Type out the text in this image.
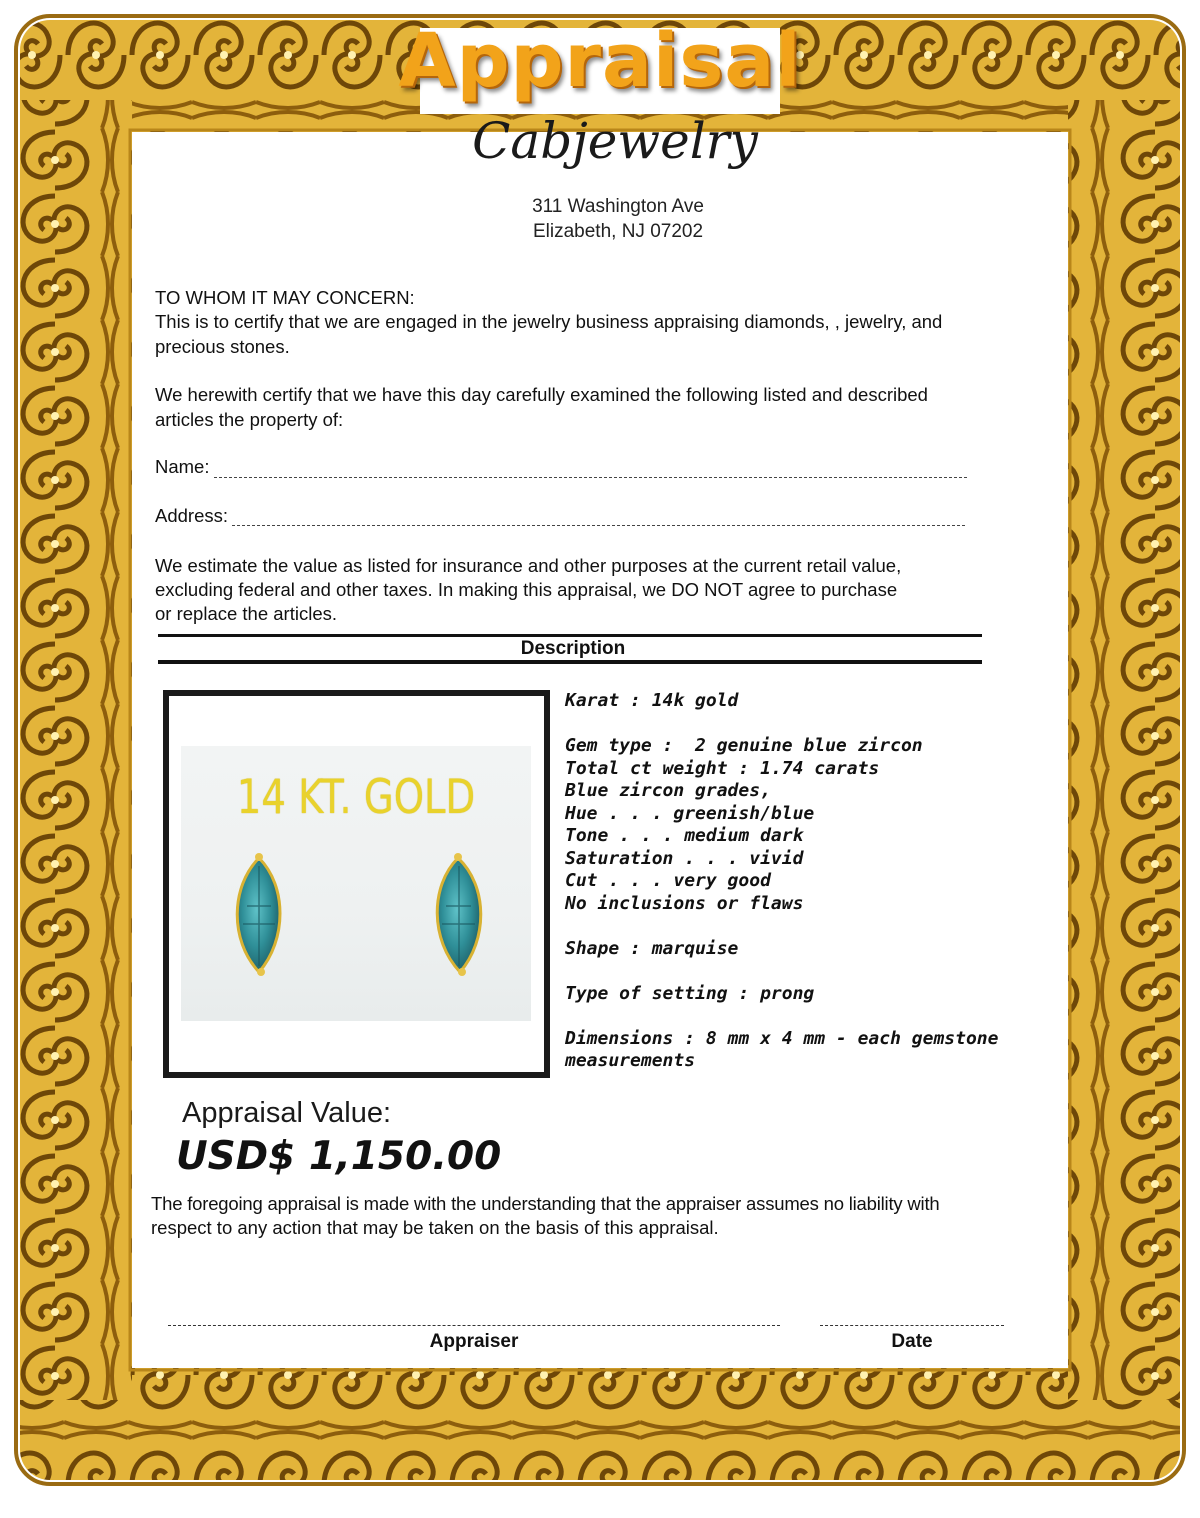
Appraisal
Cabjewelry
311 Washington Ave
Elizabeth, NJ 07202
TO WHOM IT MAY CONCERN:
This is to certify that we are engaged in the jewelry business appraising diamonds, , jewelry, and precious stones.
We herewith certify that we have this day carefully examined the following listed and described articles the property of:
Name:
Address:
We estimate the value as listed for insurance and other purposes at the current retail value,
excluding federal and other taxes. In making this appraisal, we DO NOT agree to purchase
or replace the articles.
Description
14 KT. GOLD
Karat : 14k gold

Gem type :  2 genuine blue zircon
Total ct weight : 1.74 carats
Blue zircon grades,
Hue . . . greenish/blue
Tone . . . medium dark
Saturation . . . vivid
Cut . . . very good
No inclusions or flaws

Shape : marquise

Type of setting : prong

Dimensions : 8 mm x 4 mm - each gemstone
measurements
Appraisal Value:
USD$ 1,150.00
The foregoing appraisal is made with the understanding that the appraiser assumes no liability with
respect to any action that may be taken on the basis of this appraisal.
Appraiser	Date
